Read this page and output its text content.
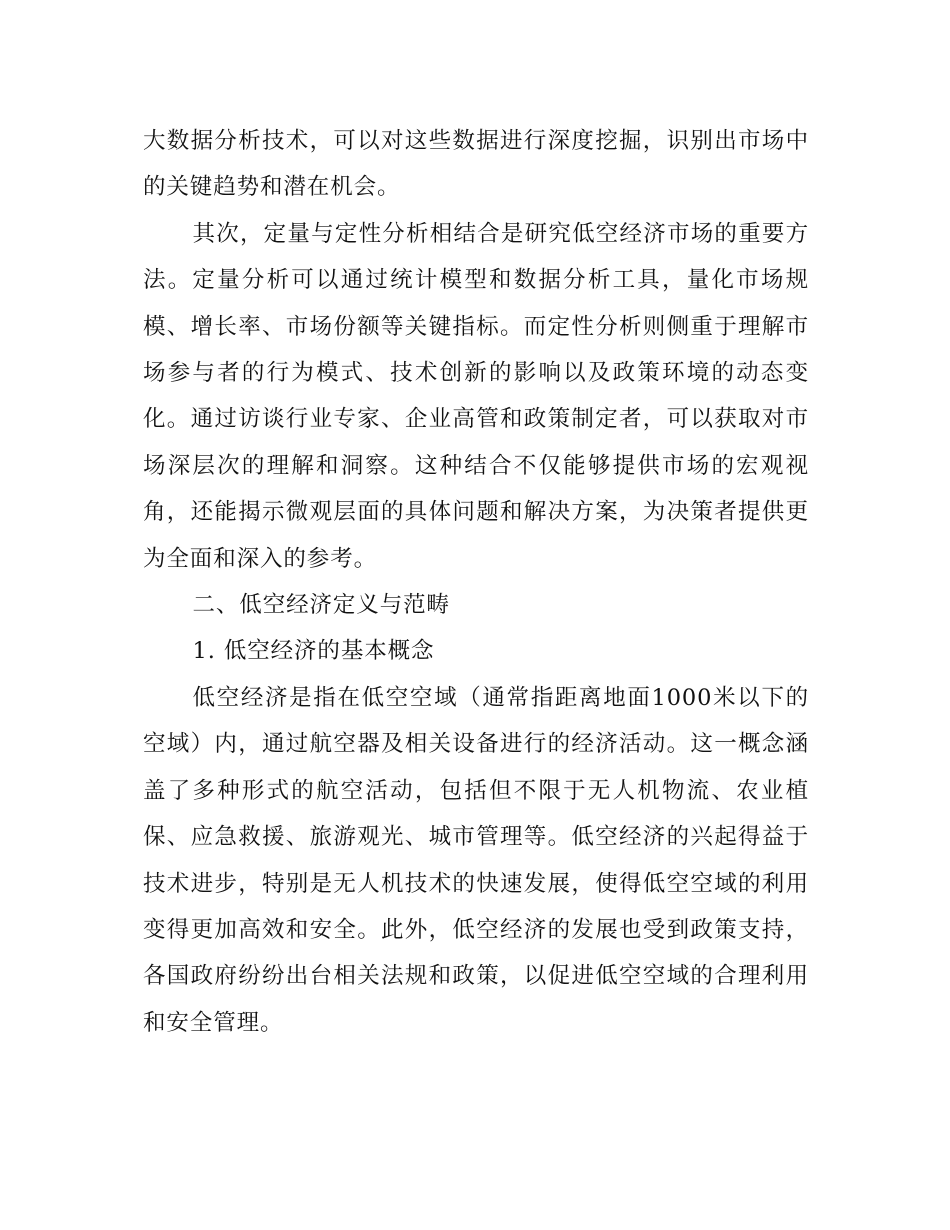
大数据分析技术，可以对这些数据进行深度挖掘，识别出市场中的关键趋势和潜在机会。

其次，定量与定性分析相结合是研究低空经济市场的重要方法。定量分析可以通过统计模型和数据分析工具，量化市场规模、增长率、市场份额等关键指标。而定性分析则侧重于理解市场参与者的行为模式、技术创新的影响以及政策环境的动态变化。通过访谈行业专家、企业高管和政策制定者，可以获取对市场深层次的理解和洞察。这种结合不仅能够提供市场的宏观视角，还能揭示微观层面的具体问题和解决方案，为决策者提供更为全面和深入的参考。

二、低空经济定义与范畴

1. 低空经济的基本概念

低空经济是指在低空空域（通常指距离地面1000米以下的空域）内，通过航空器及相关设备进行的经济活动。这一概念涵盖了多种形式的航空活动，包括但不限于无人机物流、农业植保、应急救援、旅游观光、城市管理等。低空经济的兴起得益于技术进步，特别是无人机技术的快速发展，使得低空空域的利用变得更加高效和安全。此外，低空经济的发展也受到政策支持，各国政府纷纷出台相关法规和政策，以促进低空空域的合理利用和安全管理。
